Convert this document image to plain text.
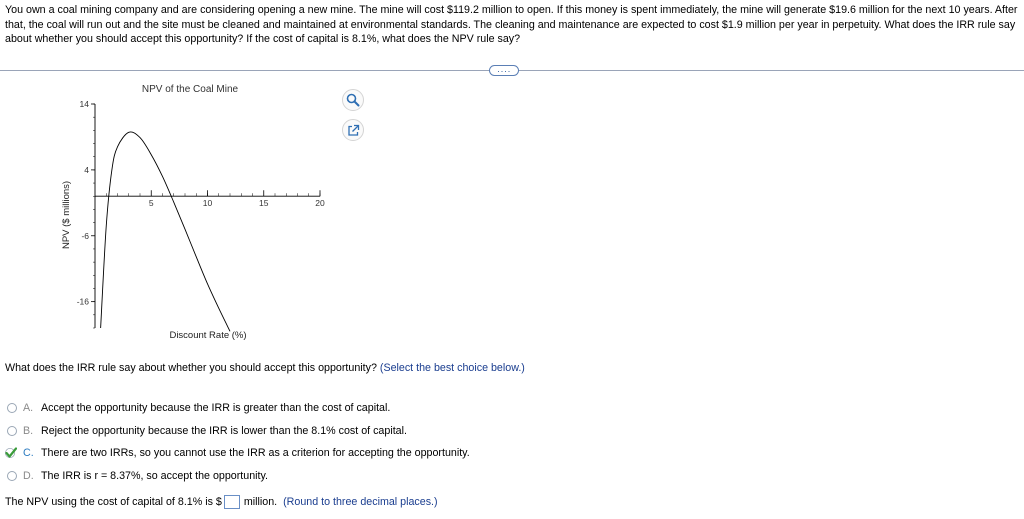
You own a coal mining company and are considering opening a new mine. The mine will cost $119.2 million to open. If this money is spent immediately, the mine will generate $19.6 million for the next 10 years. After that, the coal will run out and the site must be cleaned and maintained at environmental standards. The cleaning and maintenance are expected to cost $1.9 million per year in perpetuity. What does the IRR rule say about whether you should accept this opportunity? If the cost of capital is 8.1%, what does the NPV rule say?
····
NPV of the Coal Mine
NPV ($ millions)
Discount Rate (%)
14
4
-6
-16
5	10	15	20
What does the IRR rule say about whether you should accept this opportunity? (Select the best choice below.)
A. Accept the opportunity because the IRR is greater than the cost of capital.
B. Reject the opportunity because the IRR is lower than the 8.1% cost of capital.
C. There are two IRRs, so you cannot use the IRR as a criterion for accepting the opportunity.
D. The IRR is r = 8.37%, so accept the opportunity.
The NPV using the cost of capital of 8.1% is $ million. (Round to three decimal places.)
